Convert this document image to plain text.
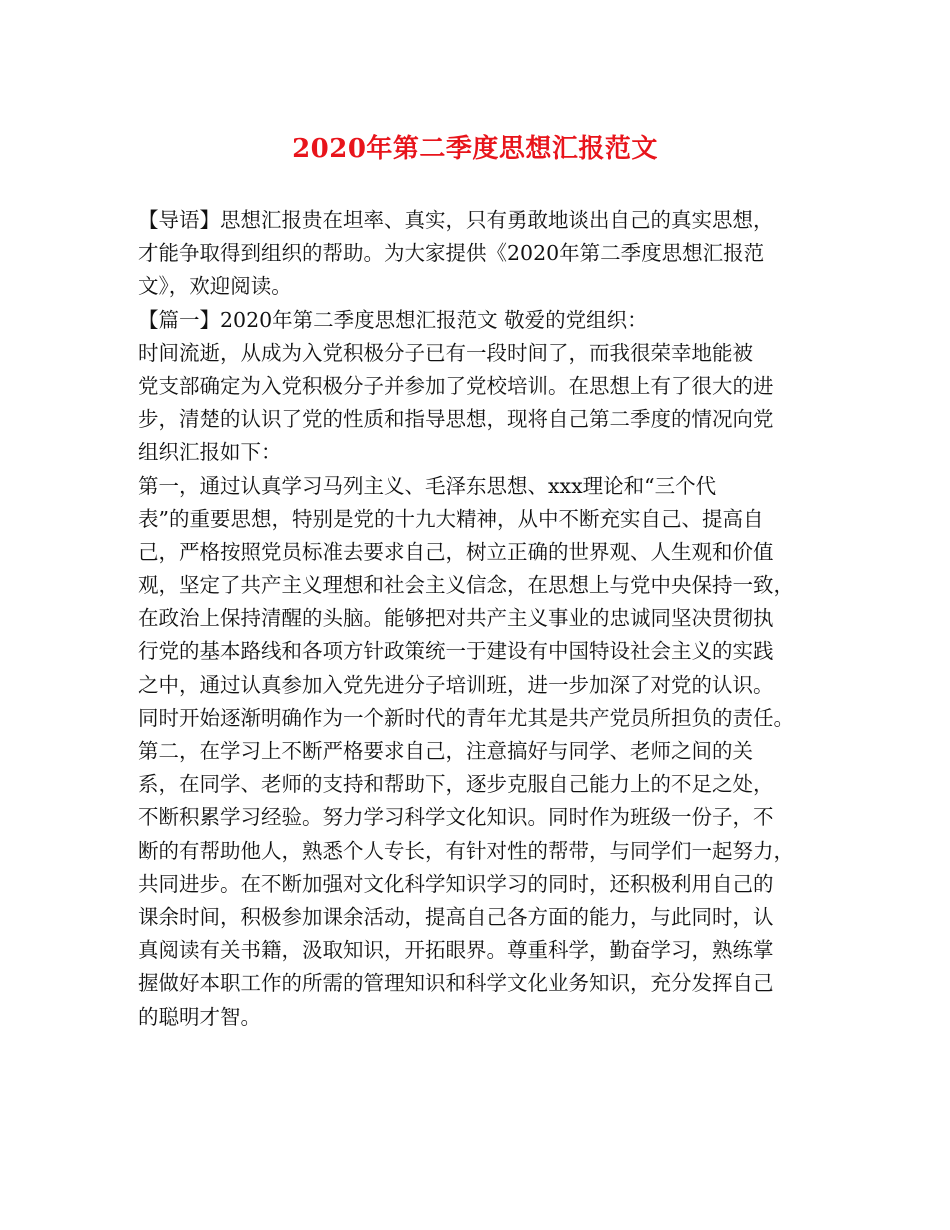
2020年第二季度思想汇报范文
【导语】思想汇报贵在坦率、真实，只有勇敢地谈出自己的真实思想，
才能争取得到组织的帮助。为大家提供《2020年第二季度思想汇报范
文》，欢迎阅读。
【篇一】2020年第二季度思想汇报范文 敬爱的党组织：
时间流逝，从成为入党积极分子已有一段时间了，而我很荣幸地能被
党支部确定为入党积极分子并参加了党校培训。在思想上有了很大的进
步，清楚的认识了党的性质和指导思想，现将自己第二季度的情况向党
组织汇报如下：
第一，通过认真学习马列主义、毛泽东思想、xxx理论和“三个代
表”的重要思想，特别是党的十九大精神，从中不断充实自己、提高自
己，严格按照党员标准去要求自己，树立正确的世界观、人生观和价值
观，坚定了共产主义理想和社会主义信念，在思想上与党中央保持一致，
在政治上保持清醒的头脑。能够把对共产主义事业的忠诚同坚决贯彻执
行党的基本路线和各项方针政策统一于建设有中国特设社会主义的实践
之中，通过认真参加入党先进分子培训班，进一步加深了对党的认识。
同时开始逐渐明确作为一个新时代的青年尤其是共产党员所担负的责任。
第二，在学习上不断严格要求自己，注意搞好与同学、老师之间的关
系，在同学、老师的支持和帮助下，逐步克服自己能力上的不足之处，
不断积累学习经验。努力学习科学文化知识。同时作为班级一份子，不
断的有帮助他人，熟悉个人专长，有针对性的帮带，与同学们一起努力，
共同进步。在不断加强对文化科学知识学习的同时，还积极利用自己的
课余时间，积极参加课余活动，提高自己各方面的能力，与此同时，认
真阅读有关书籍，汲取知识，开拓眼界。尊重科学，勤奋学习，熟练掌
握做好本职工作的所需的管理知识和科学文化业务知识，充分发挥自己
的聪明才智。
